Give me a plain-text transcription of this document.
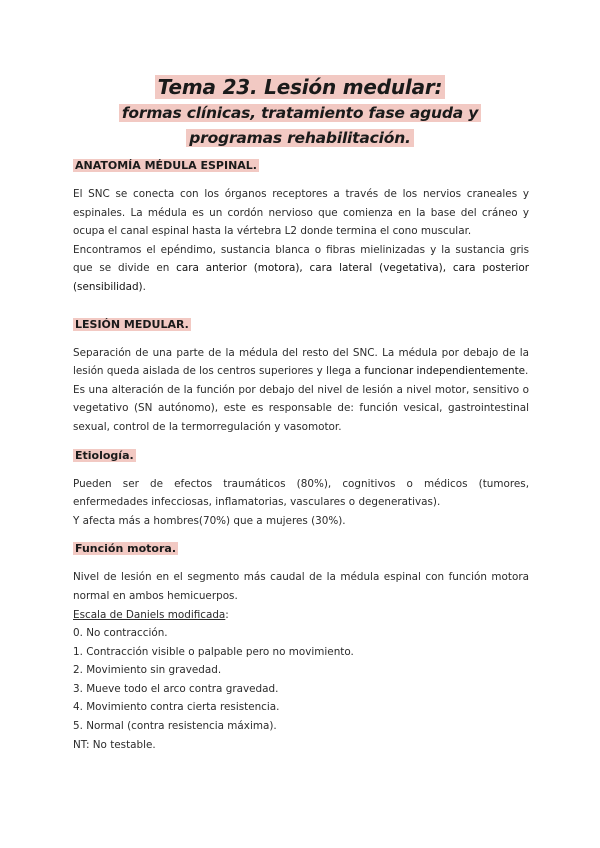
Tema 23. Lesión medular:
formas clínicas, tratamiento fase aguda y
programas rehabilitación.
ANATOMÍA MÉDULA ESPINAL.

El SNC se conecta con los órganos receptores a través de los nervios craneales y espinales. La médula es un cordón nervioso que comienza en la base del cráneo y ocupa el canal espinal hasta la vértebra L2 donde termina el cono muscular.

Encontramos el epéndimo, sustancia blanca o fibras mielinizadas y la sustancia gris que se divide en cara anterior (motora), cara lateral (vegetativa), cara posterior (sensibilidad).

LESIÓN MEDULAR.

Separación de una parte de la médula del resto del SNC. La médula por debajo de la lesión queda aislada de los centros superiores y llega a funcionar independientemente.

Es una alteración de la función por debajo del nivel de lesión a nivel motor, sensitivo o vegetativo (SN autónomo), este es responsable de: función vesical, gastrointestinal sexual, control de la termorregulación y vasomotor.

Etiología.

Pueden ser de efectos traumáticos (80%), cognitivos o médicos (tumores, enfermedades infecciosas, inflamatorias, vasculares o degenerativas).

Y afecta más a hombres(70%) que a mujeres (30%).

Función motora.

Nivel de lesión en el segmento más caudal de la médula espinal con función motora normal en ambos hemicuerpos.

Escala de Daniels modificada:
0. No contracción.
1. Contracción visible o palpable pero no movimiento.
2. Movimiento sin gravedad.
3. Mueve todo el arco contra gravedad.
4. Movimiento contra cierta resistencia.
5. Normal (contra resistencia máxima).
NT: No testable.
